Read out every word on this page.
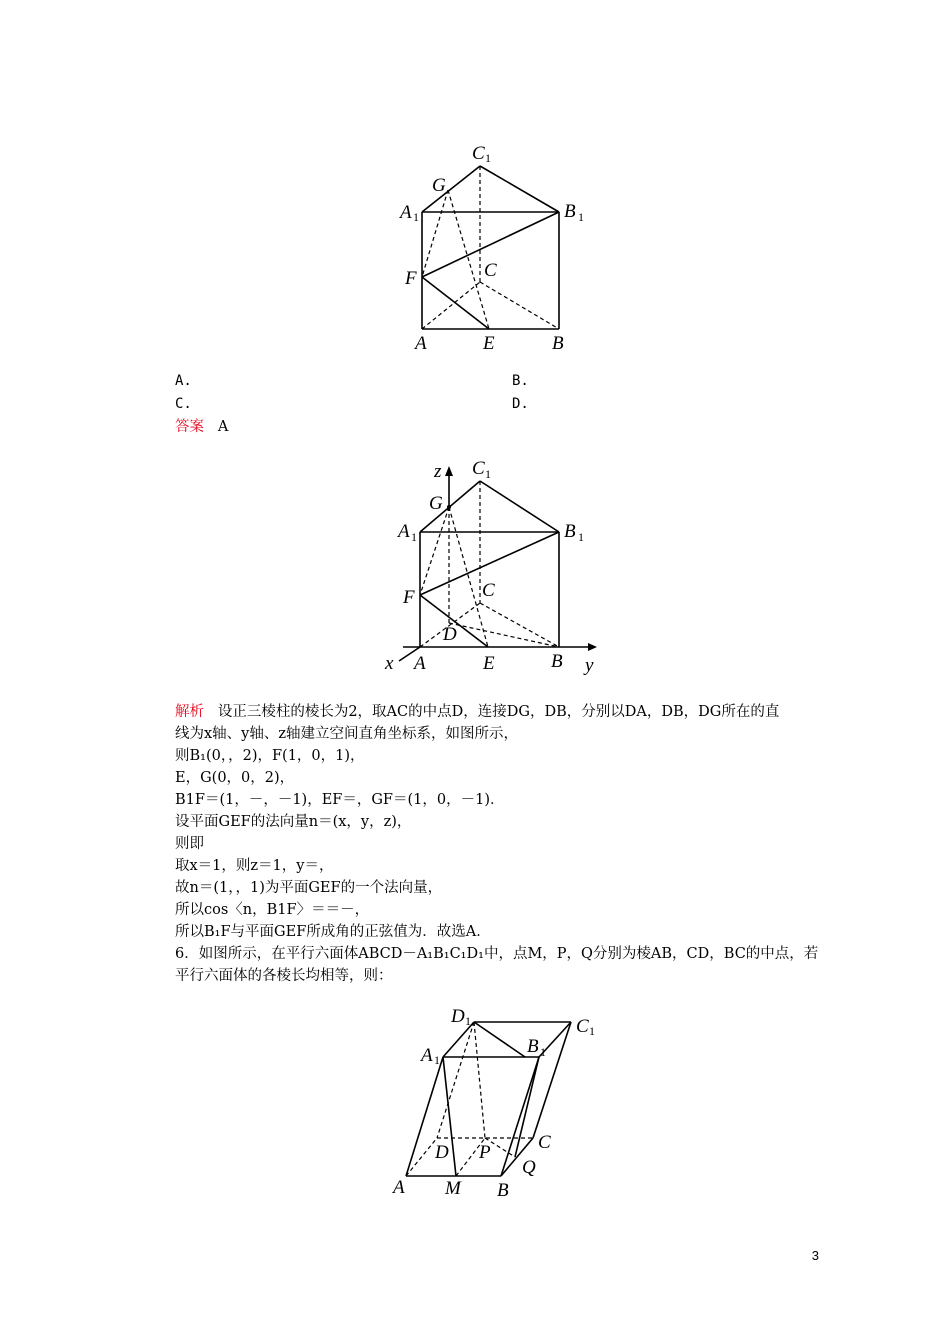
C 1
G
A 1	B 1
F	C
A	E	B
A.	B.
C.	D.
答案 A
z C 1
G
A 1	B 1
F	C
D
x A	E	B y
解析 设正三棱柱的棱长为2，取AC的中点D，连接DG，DB，分别以DA，DB，DG所在的直
线为x轴、y轴、z轴建立空间直角坐标系，如图所示，
则B₁(0，，2)，F(1，0，1)，
E，G(0，0，2)，
B1F＝(1，－，－1)，EF＝，GF＝(1，0，－1)．
设平面GEF的法向量n＝(x，y，z)，
则即
取x＝1，则z＝1，y＝，
故n＝(1，，1)为平面GEF的一个法向量，
所以cos〈n，B1F〉＝＝－，
所以B₁F与平面GEF所成角的正弦值为．故选A．
6．如图所示，在平行六面体ABCD－A₁B₁C₁D₁中，点M，P，Q分别为棱AB，CD，BC的中点，若
平行六面体的各棱长均相等，则：
D 1	C 1
A 1
B 1
C
D P
Q
A M B
3
